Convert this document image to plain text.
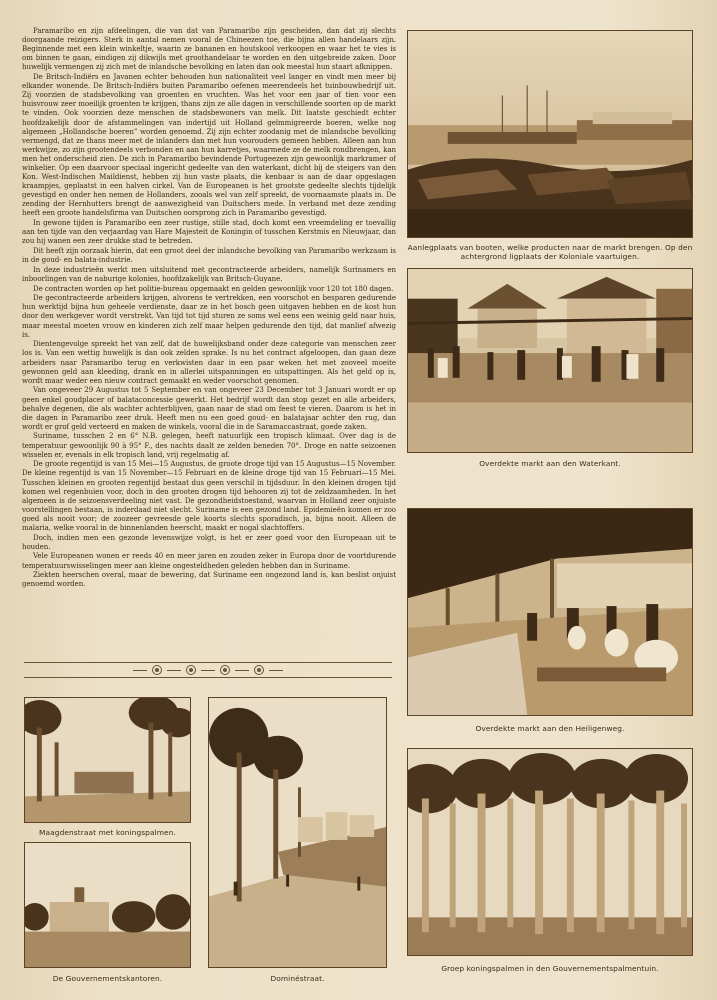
Paramaribo en zijn afdeelingen, die van dat van Paramaribo zijn gescheiden, dan dat zij slechts doorgaande reizigers. Sterk in aantal nemen vooral de Chineezen toe, die bijna allen handelaars zijn. Beginnende met een klein winkeltje, waarin ze bananen en houtskool verkoopen en waar het te vies is om binnen te gaan, eindigen zij dikwijls met groothandelaar te worden en den uitgebreide zaken. Door huwelijk vermengen zij zich met de inlandsche bevolking en laten dan ook meestal hun staart afknippen.

De Britsch-Indiërs en Javanen echter behouden hun nationaliteit veel langer en vindt men meer bij elkander wonende. De Britsch-Indiërs buiten Paramaribo oefenen meerendeels het tuinbouwbedrijf uit. Zij voorzien de stadsbevolking van groenten en vruchten. Was het voor een jaar of tien voor een huisvrouw zeer moeilijk groenten te krijgen, thans zijn ze alle dagen in verschillende soorten op de markt te vinden. Ook voorzien deze menschen de stadsbewoners van melk. Dit laatste geschiedt echter hoofdzakelijk door de afstammelingen van indertijd uit Holland geïmmigreerde boeren, welke nog algemeen „Hollandsche boeren” worden genoemd. Zij zijn echter zoodanig met de inlandsche bevolking vermengd, dat ze thans meer met de inlanders dan met hun voorouders gemeen hebben. Alleen aan hun werkwijze, zo zijn grootendeels verbonden en aan hun karretjes, waarmede ze de melk rondbrengen, kan men het onderscheid zien. De zich in Paramaribo bevindende Portugeezen zijn gewoonlijk markramer of winkelier. Op een daarvoor speciaal ingericht gedeelte van den waterkant, dicht bij de steigers van den Kon. West-Indischen Maildienst, hebben zij hun vaste plaats, die kenbaar is aan de daar opgeslagen kraampjes, geplaatst in een halven cirkel. Van de Europeanen is het grootste gedeelte slechts tijdelijk gevestigd en onder hen nemen de Hollanders, zooals wel van zelf spreekt, de voornaamste plaats in. De zending der Hernhutters brengt de aanwezigheid van Duitschers mede. In verband met deze zending heeft een groote handelsfirma van Duitschen oorsprong zich in Paramaribo gevestigd.

In gewone tijden is Paramaribo een zeer rustige, stille stad, doch komt een vreemdeling er toevallig aan ten tijde van den verjaardag van Hare Majesteit de Koningin of tusschen Kerstmis en Nieuwjaar, dan zou hij wanen een zeer drukke stad te betreden.

Dit heeft zijn oorzaak hierin, dat een groot deel der inlandsche bevolking van Paramaribo werkzaam is in de goud- en balata-industrie.

In deze industrieën werkt men uitsluitend met gecontracteerde arbeiders, namelijk Surinamers en inboorlingen van de naburige kolonies, hoofdzakelijk van Britsch-Guyane.

De contracten worden op het politie-bureau opgemaakt en gelden gewoonlijk voor 120 tot 180 dagen.

De gecontracteerde arbeiders krijgen, alvorens te vertrekken, een voorschot en besparen gedurende hun werktijd bijna hun geheele verdienste, daar ze in het bosch geen uitgaven hebben en de kost hun door den werkgever wordt verstrekt. Van tijd tot tijd sturen ze soms wel eens een weinig geld naar huis, maar meestal moeten vrouw en kinderen zich zelf maar helpen gedurende den tijd, dat manlief afwezig is.

Dientengevolge spreekt het van zelf, dat de huwelijksband onder deze categorie van menschen zeer los is. Van een wettig huwelijk is dan ook zelden sprake. Is nu het contract afgeloopen, dan gaan deze arbeiders naar Paramaribo terug en verkwisten daar in een paar weken het met zooveel moeite gewonnen geld aan kleeding, drank en in allerlei uitspanningen en uitspattingen. Als het geld op is, wordt maar weder een nieuw contract gemaakt en weder voorschot genomen.

Van ongeveer 29 Augustus tot 5 September en van ongeveer 23 December tot 3 Januari wordt er op geen enkel goudplacer of balataconcessie gewerkt. Het bedrijf wordt dan stop gezet en alle arbeiders, behalve degenen, die als wachter achterblijven, gaan naar de stad om feest te vieren. Daarom is het in die dagen in Paramaribo zeer druk. Heeft men nu een goed goud- en balatajaar achter den rug, dan wordt er grof geld verteerd en maken de winkels, vooral die in de Saramaccastraat, goede zaken.

Suriname, tusschen 2 en 6° N.B. gelegen, heeft natuurlijk een tropisch klimaat. Over dag is de temperatuur gewoonlijk 90 à 95° F., des nachts daalt ze zelden beneden 70°. Droge en natte seizoenen wisselen er, evenals in elk tropisch land, vrij regelmatig af.

De groote regentijd is van 15 Mei—15 Augustus, de groote droge tijd van 15 Augustus—15 November. De kleine regentijd is van 15 November—15 Februari en de kleine droge tijd van 15 Februari—15 Mei. Tusschen kleinen en grooten regentijd bestaat dus geen verschil in tijdsduur. In den kleinen drogen tijd komen wel regenbuien voor, doch in den grooten drogen tijd behooren zij tot de zeldzaamheden. In het algemeen is de seizoensverdeeling niet vast. De gezondheidstoestand, waarvan in Holland zeer onjuiste voorstellingen bestaan, is inderdaad niet slecht. Suriname is een gezond land. Epidemieën komen er zoo goed als nooit voor; de zoozeer gevreesde gele koorts slechts sporadisch, ja, bijna nooit. Alleen de malaria, welke vooral in de binnenlanden heerscht, maakt er nogal slachtoffers.

Doch, indien men een gezonde levenswijze volgt, is het er zeer goed voor den Europeaan uit te houden.

Vele Europeanen wonen er reeds 40 en meer jaren en zouden zeker in Europa door de voortdurende temperatuurswisselingen meer aan kleine ongesteldheden geleden hebben dan in Suriname.

Ziekten heerschen overal, maar de bewering, dat Suriname een ongezond land is, kan beslist onjuist genoemd worden.

Aanlegplaats van booten, welke producten naar de markt brengen. Op den achtergrond ligplaats der Koloniale vaartuigen.
Overdekte markt aan den Waterkant.
Overdekte markt aan den Heiligenweg.
Groep koningspalmen in den Gouvernementspalmentuin.
Maagdenstraat met koningspalmen.
De Gouvernementskantoren.	Dominéstraat.
